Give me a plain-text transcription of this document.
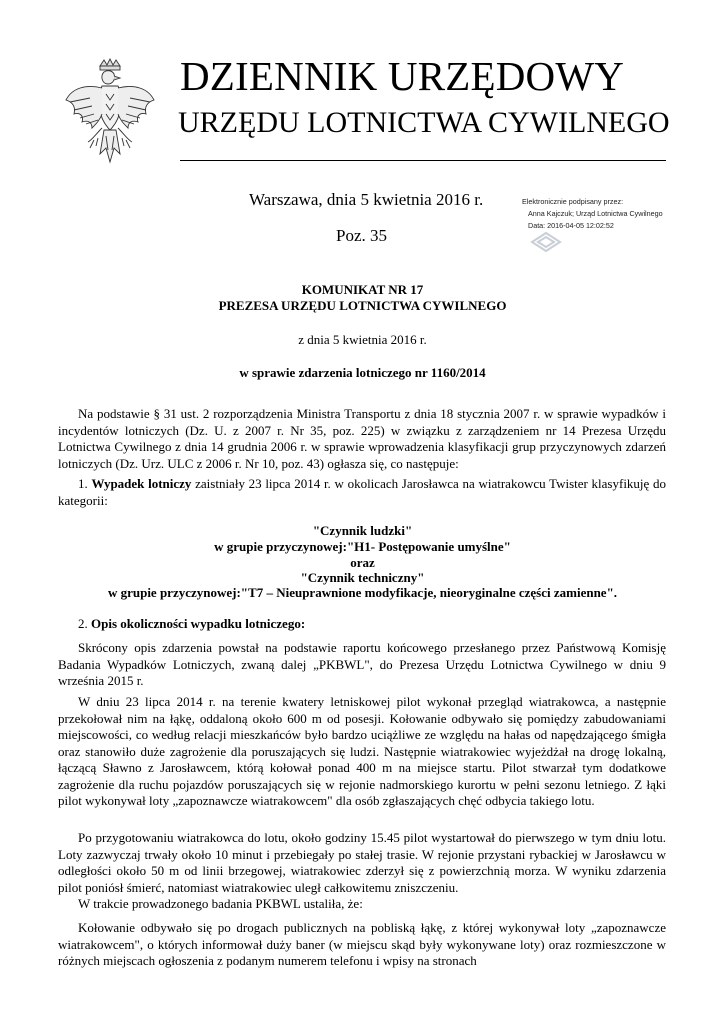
DZIENNIK URZĘDOWY
URZĘDU LOTNICTWA CYWILNEGO
Warszawa, dnia 5 kwietnia 2016 r.
Poz. 35
Elektronicznie podpisany przez:
Anna Kajczuk; Urząd Lotnictwa Cywilnego
Data: 2016-04-05 12:02:52
KOMUNIKAT NR 17
PREZESA URZĘDU LOTNICTWA CYWILNEGO
z dnia 5 kwietnia 2016 r.
w sprawie zdarzenia lotniczego nr 1160/2014
Na podstawie § 31 ust. 2 rozporządzenia Ministra Transportu z dnia 18 stycznia 2007 r. w sprawie wypadków i incydentów lotniczych (Dz. U. z 2007 r. Nr 35, poz. 225) w związku z zarządzeniem nr 14 Prezesa Urzędu Lotnictwa Cywilnego z dnia 14 grudnia 2006 r. w sprawie wprowadzenia klasyfikacji grup przyczynowych zdarzeń lotniczych (Dz. Urz. ULC z 2006 r. Nr 10, poz. 43) ogłasza się, co następuje:
1. Wypadek lotniczy zaistniały 23 lipca 2014 r. w okolicach Jarosławca na wiatrakowcu Twister klasyfikuję do kategorii:
"Czynnik ludzki"
w grupie przyczynowej:"H1- Postępowanie umyślne"
oraz
"Czynnik techniczny"
w grupie przyczynowej:"T7 – Nieuprawnione modyfikacje, nieoryginalne części zamienne".
2. Opis okoliczności wypadku lotniczego:
Skrócony opis zdarzenia powstał na podstawie raportu końcowego przesłanego przez Państwową Komisję Badania Wypadków Lotniczych, zwaną dalej „PKBWL", do Prezesa Urzędu Lotnictwa Cywilnego w dniu 9 września 2015 r.
W dniu 23 lipca 2014 r. na terenie kwatery letniskowej pilot wykonał przegląd wiatrakowca, a następnie przekołował nim na łąkę, oddaloną około 600 m od posesji. Kołowanie odbywało się pomiędzy zabudowaniami miejscowości, co według relacji mieszkańców było bardzo uciążliwe ze względu na hałas od napędzającego śmigła oraz stanowiło duże zagrożenie dla poruszających się ludzi. Następnie wiatrakowiec wyjeżdżał na drogę lokalną, łączącą Sławno z Jarosławcem, którą kołował ponad 400 m na miejsce startu. Pilot stwarzał tym dodatkowe zagrożenie dla ruchu pojazdów poruszających się w rejonie nadmorskiego kurortu w pełni sezonu letniego. Z łąki pilot wykonywał loty „zapoznawcze wiatrakowcem" dla osób zgłaszających chęć odbycia takiego lotu.
Po przygotowaniu wiatrakowca do lotu, około godziny 15.45 pilot wystartował do pierwszego w tym dniu lotu. Loty zazwyczaj trwały około 10 minut i przebiegały po stałej trasie. W rejonie przystani rybackiej w Jarosławcu w odległości około 50 m od linii brzegowej, wiatrakowiec zderzył się z powierzchnią morza. W wyniku zdarzenia pilot poniósł śmierć, natomiast wiatrakowiec uległ całkowitemu zniszczeniu.
W trakcie prowadzonego badania PKBWL ustaliła, że:
Kołowanie odbywało się po drogach publicznych na pobliską łąkę, z której wykonywał loty „zapoznawcze wiatrakowcem", o których informował duży baner (w miejscu skąd były wykonywane loty) oraz rozmieszczone w różnych miejscach ogłoszenia z podanym numerem telefonu i wpisy na stronach
